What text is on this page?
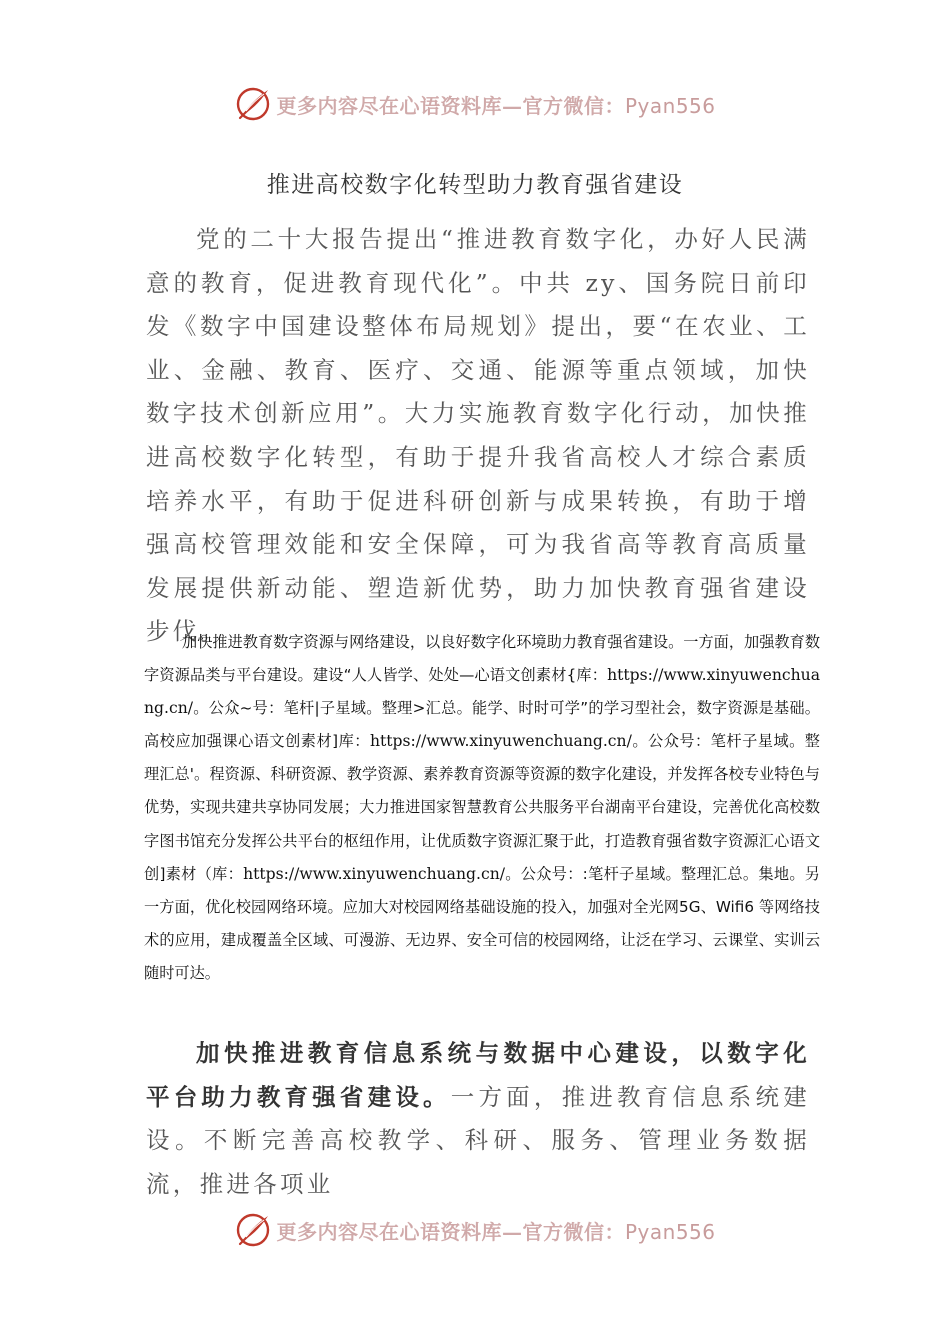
更多内容尽在心语资料库—官方微信：Pyan556
推进高校数字化转型助力教育强省建设

党的二十大报告提出“推进教育数字化，办好人民满意的教育，促进教育现代化”。中共 zy、国务院日前印发《数字中国建设整体布局规划》提出，要“在农业、工业、金融、教育、医疗、交通、能源等重点领域，加快数字技术创新应用”。大力实施教育数字化行动，加快推进高校数字化转型，有助于提升我省高校人才综合素质培养水平，有助于促进科研创新与成果转换，有助于增强高校管理效能和安全保障，可为我省高等教育高质量发展提供新动能、塑造新优势，助力加快教育强省建设步伐。

加快推进教育数字资源与网络建设，以良好数字化环境助力教育强省建设。一方面，加强教育数字资源品类与平台建设。建设“人人皆学、处处—心语文创素材{库：https://www.xinyuwenchuang.cn/。公众~号：笔杆|子星域。整理>汇总。能学、时时可学”的学习型社会，数字资源是基础。高校应加强课心语文创素材]库：https://www.xinyuwenchuang.cn/。公众号：笔杆子星域。整理汇总'。程资源、科研资源、教学资源、素养教育资源等资源的数字化建设，并发挥各校专业特色与优势，实现共建共享协同发展；大力推进国家智慧教育公共服务平台湖南平台建设，完善优化高校数字图书馆充分发挥公共平台的枢纽作用，让优质数字资源汇聚于此，打造教育强省数字资源汇心语文创]素材（库：https://www.xinyuwenchuang.cn/。公众号：:笔杆子星域。整理汇总。集地。另一方面，优化校园网络环境。应加大对校园网络基础设施的投入，加强对全光网5G、Wifi6 等网络技术的应用，建成覆盖全区域、可漫游、无边界、安全可信的校园网络，让泛在学习、云课堂、实训云随时可达。

加快推进教育信息系统与数据中心建设，以数字化平台助力教育强省建设。一方面，推进教育信息系统建设。不断完善高校教学、科研、服务、管理业务数据流，推进各项业

更多内容尽在心语资料库—官方微信：Pyan556
